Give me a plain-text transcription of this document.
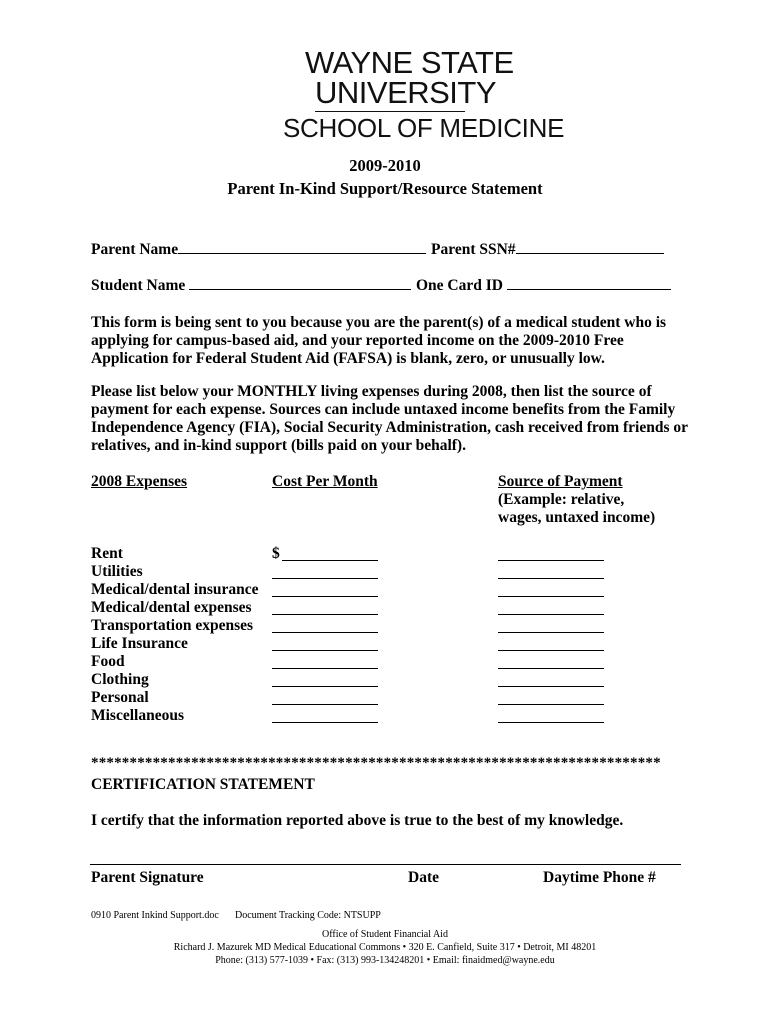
WAYNE STATE
UNIVERSITY
SCHOOL OF MEDICINE
2009-2010
Parent In-Kind Support/Resource Statement
Parent Name	Parent SSN#
Student Name	One Card ID
This form is being sent to you because you are the parent(s) of a medical student who is applying for campus-based aid, and your reported income on the 2009-2010 Free Application for Federal Student Aid (FAFSA) is blank, zero, or unusually low.
Please list below your MONTHLY living expenses during 2008, then list the source of payment for each expense. Sources can include untaxed income benefits from the Family Independence Agency (FIA), Social Security Administration, cash received from friends or relatives, and in-kind support (bills paid on your behalf).
2008 Expenses	Cost Per Month	Source of Payment
(Example: relative,
wages, untaxed income)
Rent	$
Utilities
Medical/dental insurance
Medical/dental expenses
Transportation expenses
Life Insurance
Food
Clothing
Personal
Miscellaneous
**************************************************************************
CERTIFICATION STATEMENT
I certify that the information reported above is true to the best of my knowledge.
Parent Signature	Date	Daytime Phone #
0910 Parent Inkind Support.doc Document Tracking Code: NTSUPP
Office of Student Financial Aid
Richard J. Mazurek MD Medical Educational Commons • 320 E. Canfield, Suite 317 • Detroit, MI 48201
Phone: (313) 577-1039 • Fax: (313) 993-134248201 • Email: finaidmed@wayne.edu
